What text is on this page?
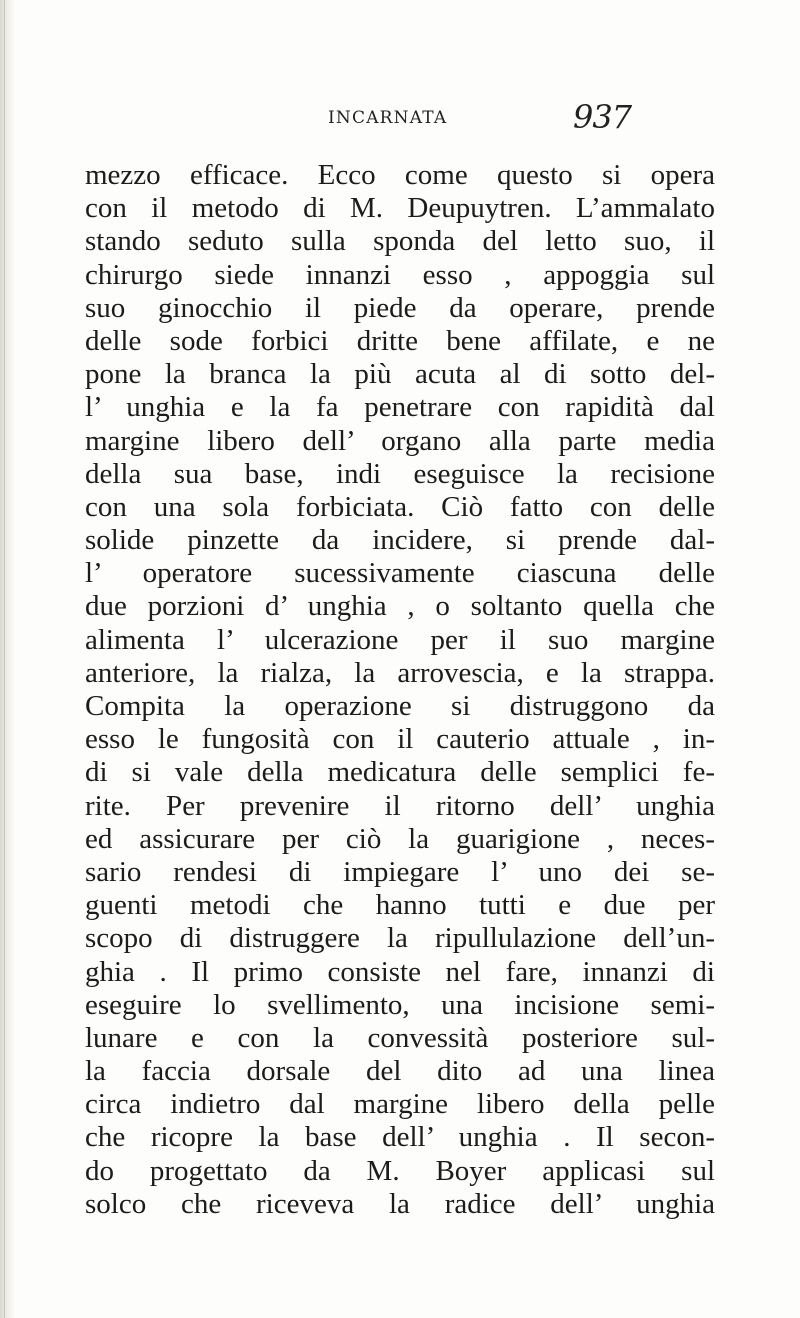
INCARNATA	937
mezzo efficace. Ecco come questo si opera
con il metodo di M. Deupuytren. L’ammalato
stando seduto sulla sponda del letto suo, il
chirurgo siede innanzi esso , appoggia sul
suo ginocchio il piede da operare, prende
delle sode forbici dritte bene affilate, e ne
pone la branca la più acuta al di sotto del-
l’ unghia e la fa penetrare con rapidità dal
margine libero dell’ organo alla parte media
della sua base, indi eseguisce la recisione
con una sola forbiciata. Ciò fatto con delle
solide pinzette da incidere, si prende dal-
l’ operatore sucessivamente ciascuna delle
due porzioni d’ unghia , o soltanto quella che
alimenta l’ ulcerazione per il suo margine
anteriore, la rialza, la arrovescia, e la strappa.
Compita la operazione si distruggono da
esso le fungosità con il cauterio attuale , in-
di si vale della medicatura delle semplici fe-
rite. Per prevenire il ritorno dell’ unghia
ed assicurare per ciò la guarigione , neces-
sario rendesi di impiegare l’ uno dei se-
guenti metodi che hanno tutti e due per
scopo di distruggere la ripullulazione dell’un-
ghia . Il primo consiste nel fare, innanzi di
eseguire lo svellimento, una incisione semi-
lunare e con la convessità posteriore sul-
la faccia dorsale del dito ad una linea
circa indietro dal margine libero della pelle
che ricopre la base dell’ unghia . Il secon-
do progettato da M. Boyer applicasi sul
solco che riceveva la radice dell’ unghia
